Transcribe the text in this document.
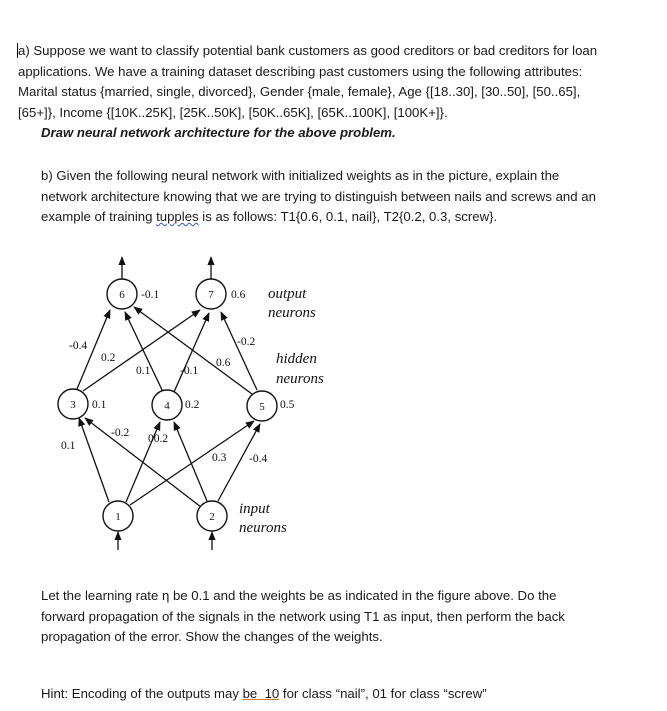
a) Suppose we want to classify potential bank customers as good creditors or bad creditors for loan
applications. We have a training dataset describing past customers using the following attributes:
Marital status {married, single, divorced}, Gender {male, female}, Age {[18..30], [30..50], [50..65],
[65+]}, Income {[10K..25K], [25K..50K], [50K..65K], [65K..100K], [100K+]}.
Draw neural network architecture for the above problem.
b) Given the following neural network with initialized weights as in the picture, explain the
network architecture knowing that we are trying to distinguish between nails and screws and an
example of training tupples is as follows: T1{0.6, 0.1, nail}, T2{0.2, 0.3, screw}.
6	7
3	4	5
1	2
-0.1	0.6
0.1	0.2	0.5
-0.4
0.2
0.1	-0.1
0.6
-0.2
0.1
-0.2 00.2
0.3 -0.4
output
neurons
hidden
neurons
input
neurons
Let the learning rate η be 0.1 and the weights be as indicated in the figure above. Do the
forward propagation of the signals in the network using T1 as input, then perform the back
propagation of the error. Show the changes of the weights.
Hint: Encoding of the outputs may be  10 for class “nail”, 01 for class “screw”
